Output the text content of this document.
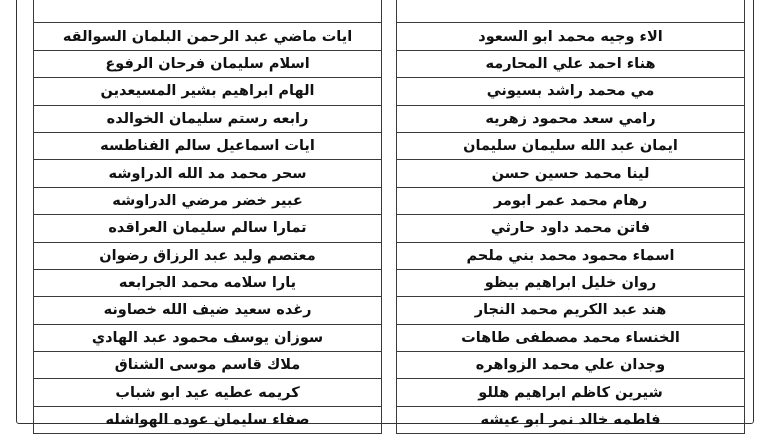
ايات ماضي عبد الرحمن البلمان السوالقه
اسلام سليمان فرحان الرفوع
الهام ابراهيم بشير المسيعدين
رابعه رستم سليمان الخوالده
ايات اسماعيل سالم الفناطسه
سحر محمد مد الله الدراوشه
عبير خضر مرضي الدراوشه
تمارا سالم سليمان العراقده
معتصم وليد عبد الرزاق رضوان
يارا سلامه محمد الجرابعه
رغده سعيد ضيف الله خصاونه
سوزان يوسف محمود عبد الهادي
ملاك قاسم موسى الشناق
كريمه عطيه عيد ابو شباب
صفاء سليمان عوده الهواشله
الاء وجيه محمد ابو السعود
هناء احمد علي المحارمه
مي محمد راشد بسيوني
رامي سعد محمود زهريه
ايمان عبد الله سليمان سليمان
لينا محمد حسين حسن
رهام محمد عمر ابومر
فاتن محمد داود حارثي
اسماء محمود محمد بني ملحم
روان خليل ابراهيم بيظو
هند عبد الكريم محمد النجار
الخنساء محمد مصطفى طاهات
وجدان علي محمد الزواهره
شيرين كاظم ابراهيم هللو
فاطمه خالد نمر ابو عيشه
